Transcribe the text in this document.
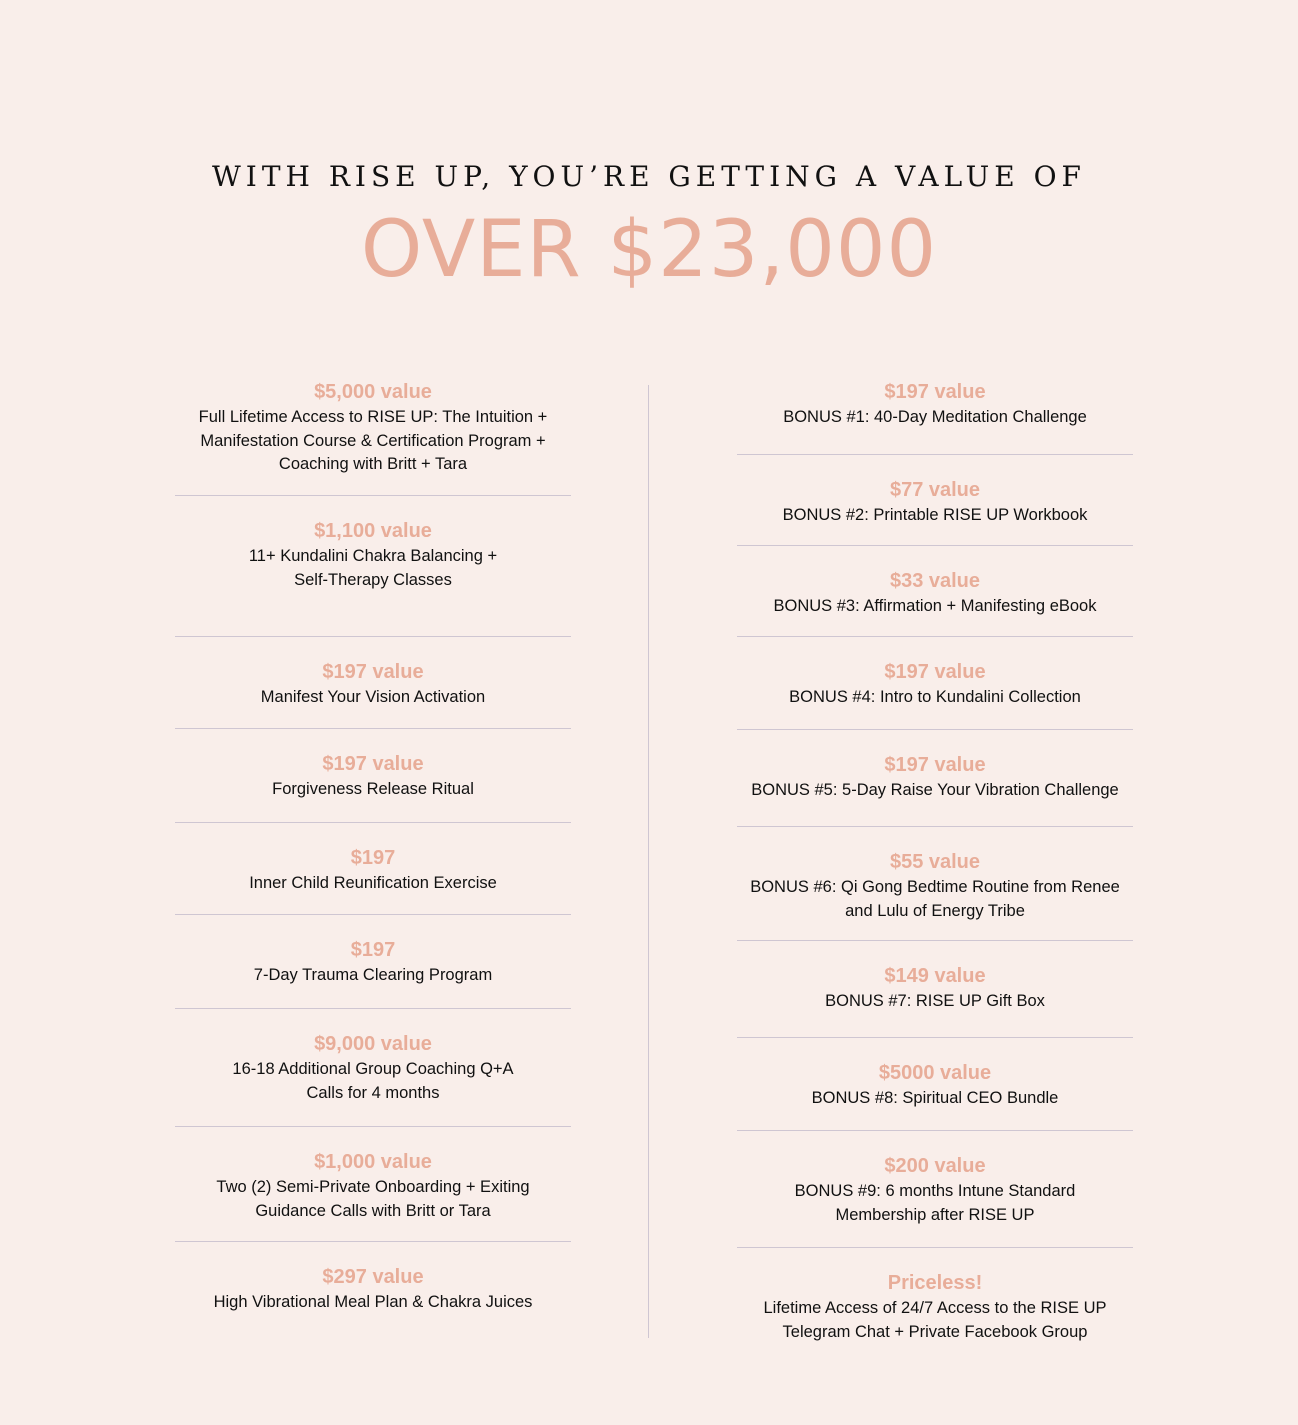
WITH RISE UP, YOU’RE GETTING A VALUE OF
OVER $23,000
$5,000 value
Full Lifetime Access to RISE UP: The Intuition +
Manifestation Course & Certification Program +
Coaching with Britt + Tara
$1,100 value
11+ Kundalini Chakra Balancing +
Self-Therapy Classes
$197 value
Manifest Your Vision Activation
$197 value
Forgiveness Release Ritual
$197
Inner Child Reunification Exercise
$197
7-Day Trauma Clearing Program
$9,000 value
16-18 Additional Group Coaching Q+A
Calls for 4 months
$1,000 value
Two (2) Semi-Private Onboarding + Exiting
Guidance Calls with Britt or Tara
$297 value
High Vibrational Meal Plan & Chakra Juices
$197 value
BONUS #1: 40-Day Meditation Challenge
$77 value
BONUS #2: Printable RISE UP Workbook
$33 value
BONUS #3: Affirmation + Manifesting eBook
$197 value
BONUS #4: Intro to Kundalini Collection
$197 value
BONUS #5: 5-Day Raise Your Vibration Challenge
$55 value
BONUS #6: Qi Gong Bedtime Routine from Renee
and Lulu of Energy Tribe
$149 value
BONUS #7: RISE UP Gift Box
$5000 value
BONUS #8: Spiritual CEO Bundle
$200 value
BONUS #9: 6 months Intune Standard
Membership after RISE UP
Priceless!
Lifetime Access of 24/7 Access to the RISE UP
Telegram Chat + Private Facebook Group
